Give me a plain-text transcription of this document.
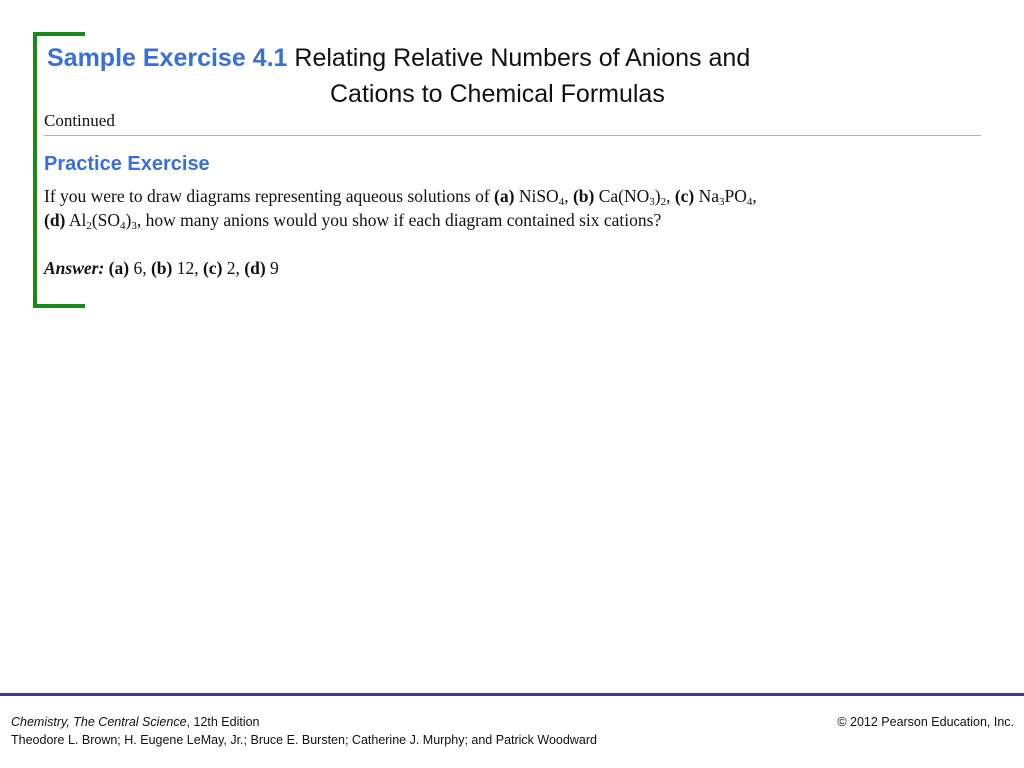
Sample Exercise 4.1 Relating Relative Numbers of Anions and
Cations to Chemical Formulas
Continued
Practice Exercise
If you were to draw diagrams representing aqueous solutions of (a) NiSO$_4$, (b) $Ca(NO_3)_2$, (c) $Na_3PO_4$,
(d) $Al_2(SO_4)_3$, how many anions would you show if each diagram contained six cations?
Answer: (a) 6, (b) 12, (c) 2, (d) 9
Chemistry, The Central Science, 12th Edition
Theodore L. Brown; H. Eugene LeMay, Jr.; Bruce E. Bursten; Catherine J. Murphy; and Patrick Woodward
© 2012 Pearson Education, Inc.
